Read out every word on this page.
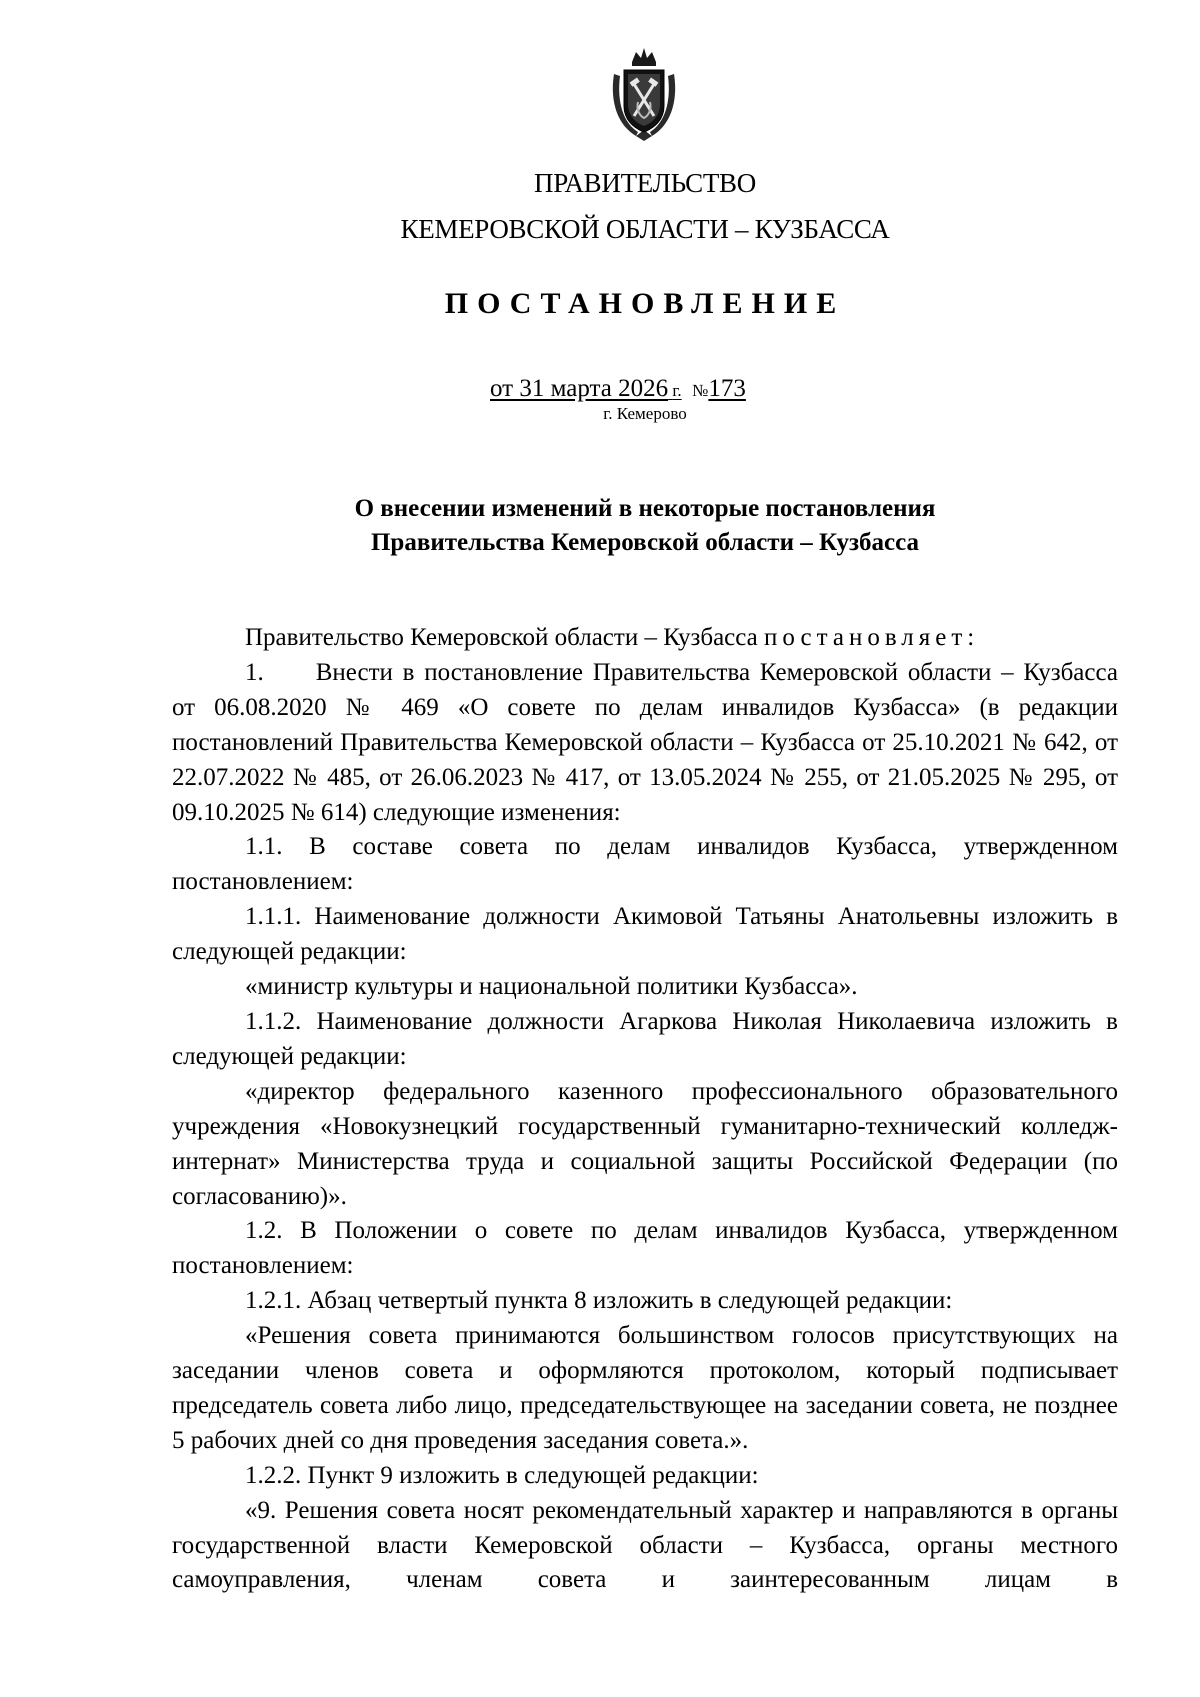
ПРАВИТЕЛЬСТВО
КЕМЕРОВСКОЙ ОБЛАСТИ – КУЗБАССА
ПОСТАНОВЛЕНИЕ
от 31 марта 2026 г. №173
г. Кемерово
О внесении изменений в некоторые постановления
Правительства Кемеровской области – Кузбасса

Правительство Кемеровской области – Кузбасса постановляет:

1. Внести в постановление Правительства Кемеровской области – Кузбасса от 06.08.2020 № 469 «О совете по делам инвалидов Кузбасса» (в редакции постановлений Правительства Кемеровской области – Кузбасса от 25.10.2021 № 642, от 22.07.2022 № 485, от 26.06.2023 № 417, от 13.05.2024 № 255, от 21.05.2025 № 295, от 09.10.2025 № 614) следующие изменения:

1.1. В составе совета по делам инвалидов Кузбасса, утвержденном постановлением:

1.1.1. Наименование должности Акимовой Татьяны Анатольевны изложить в следующей редакции:

«министр культуры и национальной политики Кузбасса».

1.1.2. Наименование должности Агаркова Николая Николаевича изложить в следующей редакции:

«директор федерального казенного профессионального образовательного учреждения «Новокузнецкий государственный гуманитарно-технический колледж-интернат» Министерства труда и социальной защиты Российской Федерации (по согласованию)».

1.2. В Положении о совете по делам инвалидов Кузбасса, утвержденном постановлением:

1.2.1. Абзац четвертый пункта 8 изложить в следующей редакции:

«Решения совета принимаются большинством голосов присутствующих на заседании членов совета и оформляются протоколом, который подписывает председатель совета либо лицо, председательствующее на заседании совета, не позднее 5 рабочих дней со дня проведения заседания совета.».

1.2.2. Пункт 9 изложить в следующей редакции:

«9. Решения совета носят рекомендательный характер и направляются в органы государственной власти Кемеровской области – Кузбасса, органы местного самоуправления, членам совета и заинтересованным лицам в
